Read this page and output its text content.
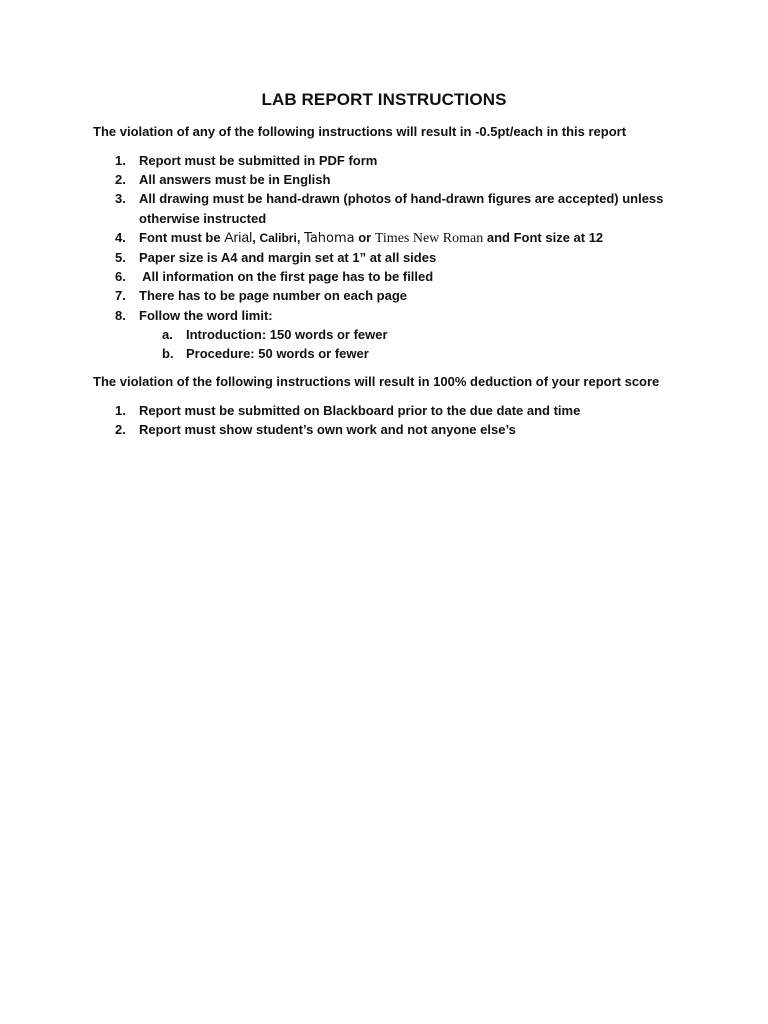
LAB REPORT INSTRUCTIONS
The violation of any of the following instructions will result in -0.5pt/each in this report
1. Report must be submitted in PDF form
2. All answers must be in English
3. All drawing must be hand-drawn (photos of hand-drawn figures are accepted) unless otherwise instructed
4. Font must be Arial, Calibri, Tahoma or Times New Roman and Font size at 12
5. Paper size is A4 and margin set at 1” at all sides
6. All information on the first page has to be filled
7. There has to be page number on each page
8. Follow the word limit:
a. Introduction: 150 words or fewer
b. Procedure: 50 words or fewer
The violation of the following instructions will result in 100% deduction of your report score
1. Report must be submitted on Blackboard prior to the due date and time
2. Report must show student’s own work and not anyone else’s
